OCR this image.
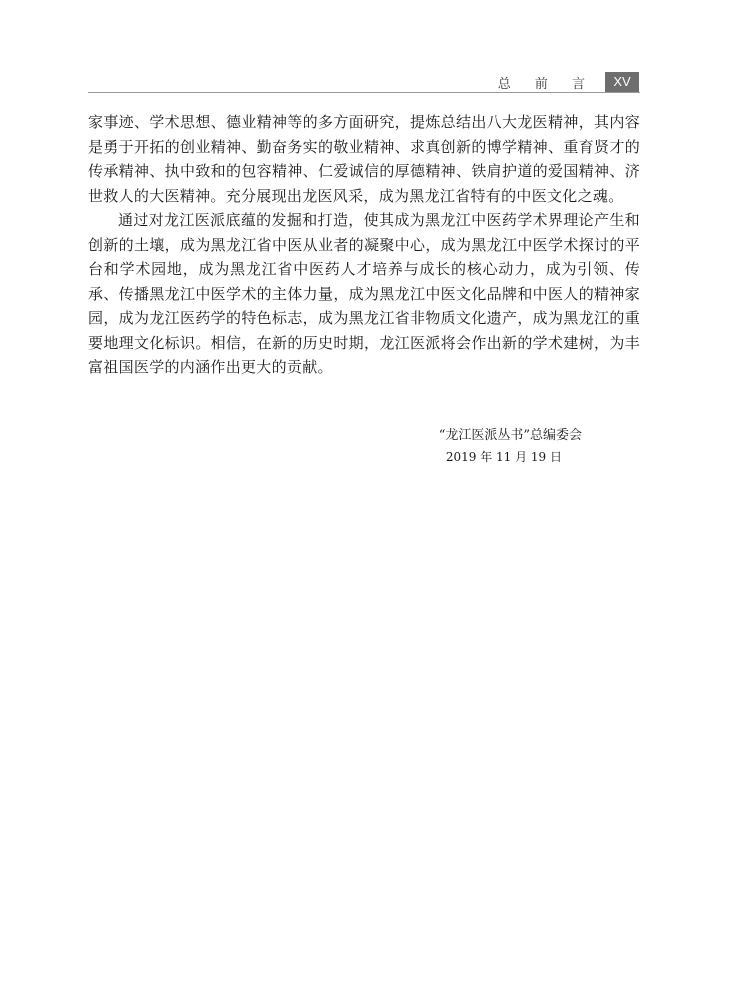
总 前 言	XV

家事迹、学术思想、德业精神等的多方面研究，提炼总结出八大龙医精神，其内容是勇于开拓的创业精神、勤奋务实的敬业精神、求真创新的博学精神、重育贤才的传承精神、执中致和的包容精神、仁爱诚信的厚德精神、铁肩护道的爱国精神、济世救人的大医精神。充分展现出龙医风采，成为黑龙江省特有的中医文化之魂。

通过对龙江医派底蕴的发掘和打造，使其成为黑龙江中医药学术界理论产生和创新的土壤，成为黑龙江省中医从业者的凝聚中心，成为黑龙江中医学术探讨的平台和学术园地，成为黑龙江省中医药人才培养与成长的核心动力，成为引领、传承、传播黑龙江中医学术的主体力量，成为黑龙江中医文化品牌和中医人的精神家园，成为龙江医药学的特色标志，成为黑龙江省非物质文化遗产，成为黑龙江的重要地理文化标识。相信，在新的历史时期，龙江医派将会作出新的学术建树，为丰富祖国医学的内涵作出更大的贡献。

“龙江医派丛书”总编委会
2019 年 11 月 19 日
